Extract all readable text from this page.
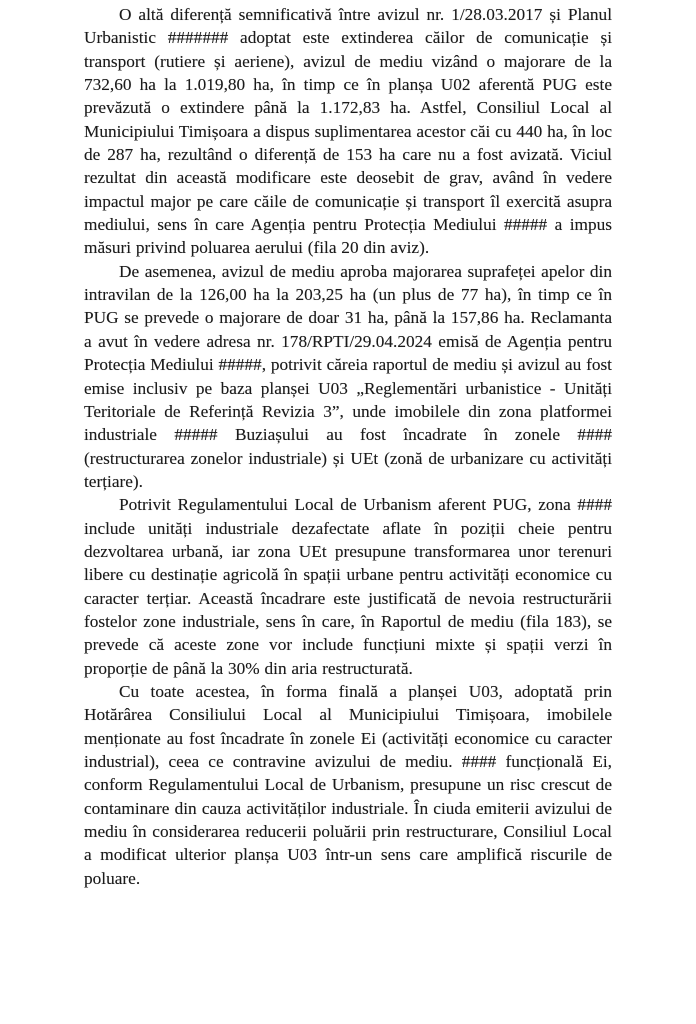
O altă diferență semnificativă între avizul nr. 1/28.03.2017 și Planul Urbanistic ####### adoptat este extinderea căilor de comunicație și transport (rutiere și aeriene), avizul de mediu vizând o majorare de la 732,60 ha la 1.019,80 ha, în timp ce în planșa U02 aferentă PUG este prevăzută o extindere până la 1.172,83 ha. Astfel, Consiliul Local al Municipiului Timișoara a dispus suplimentarea acestor căi cu 440 ha, în loc de 287 ha, rezultând o diferență de 153 ha care nu a fost avizată. Viciul rezultat din această modificare este deosebit de grav, având în vedere impactul major pe care căile de comunicație și transport îl exercită asupra mediului, sens în care Agenția pentru Protecția Mediului ##### a impus măsuri privind poluarea aerului (fila 20 din aviz).

De asemenea, avizul de mediu aproba majorarea suprafeței apelor din intravilan de la 126,00 ha la 203,25 ha (un plus de 77 ha), în timp ce în PUG se prevede o majorare de doar 31 ha, până la 157,86 ha. Reclamanta a avut în vedere adresa nr. 178/RPTI/29.04.2024 emisă de Agenția pentru Protecția Mediului #####, potrivit căreia raportul de mediu și avizul au fost emise inclusiv pe baza planșei U03 „Reglementări urbanistice - Unități Teritoriale de Referință Revizia 3”, unde imobilele din zona platformei industriale ##### Buziașului au fost încadrate în zonele #### (restructurarea zonelor industriale) și UEt (zonă de urbanizare cu activități terțiare).

Potrivit Regulamentului Local de Urbanism aferent PUG, zona #### include unități industriale dezafectate aflate în poziții cheie pentru dezvoltarea urbană, iar zona UEt presupune transformarea unor terenuri libere cu destinație agricolă în spații urbane pentru activități economice cu caracter terțiar. Această încadrare este justificată de nevoia restructurării fostelor zone industriale, sens în care, în Raportul de mediu (fila 183), se prevede că aceste zone vor include funcțiuni mixte și spații verzi în proporție de până la 30% din aria restructurată.

Cu toate acestea, în forma finală a planșei U03, adoptată prin Hotărârea Consiliului Local al Municipiului Timișoara, imobilele menționate au fost încadrate în zonele Ei (activități economice cu caracter industrial), ceea ce contravine avizului de mediu. #### funcțională Ei, conform Regulamentului Local de Urbanism, presupune un risc crescut de contaminare din cauza activităților industriale. În ciuda emiterii avizului de mediu în considerarea reducerii poluării prin restructurare, Consiliul Local a modificat ulterior planșa U03 într-un sens care amplifică riscurile de poluare.
